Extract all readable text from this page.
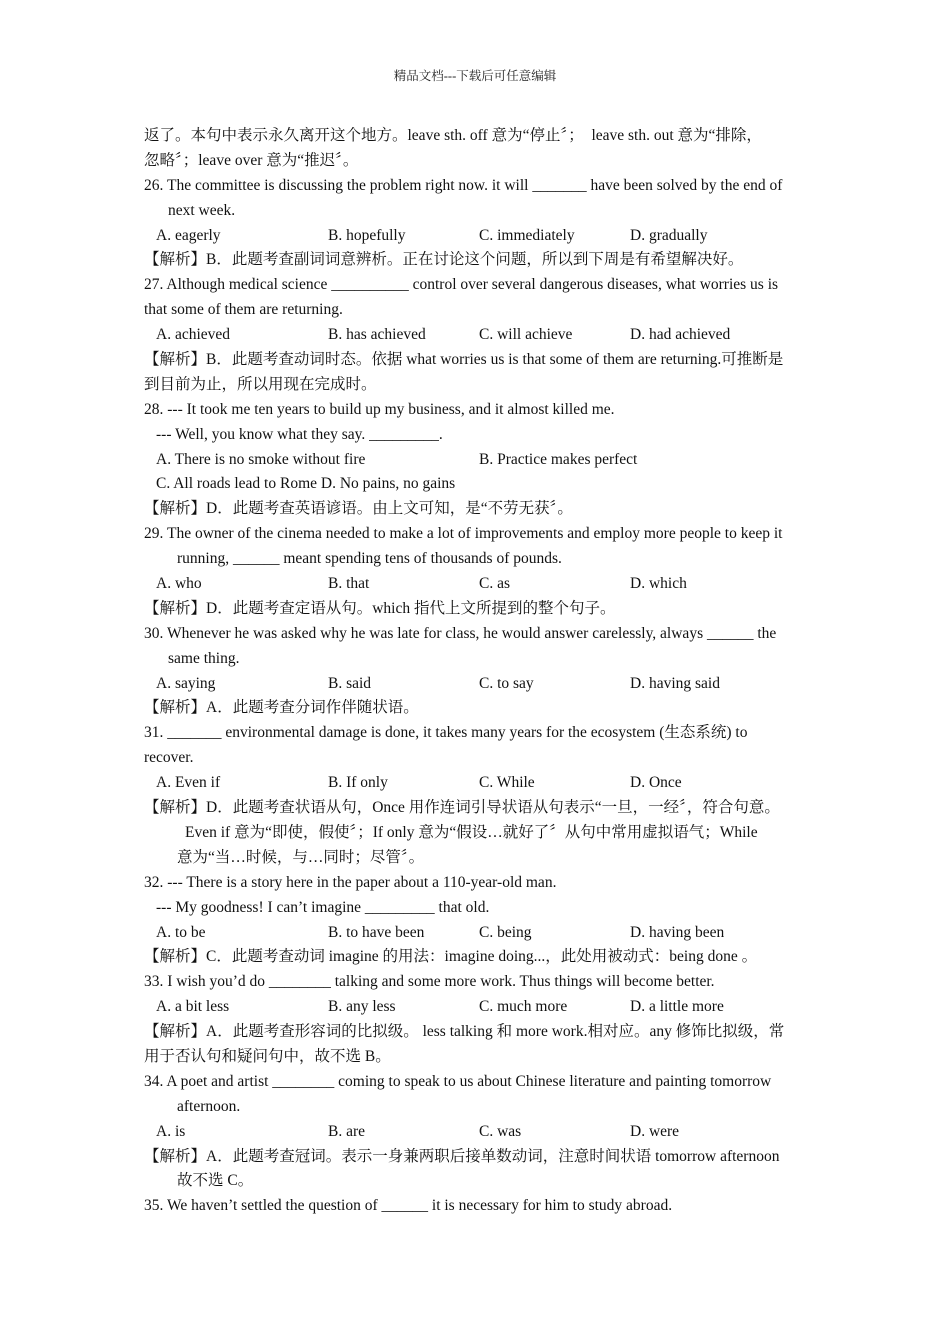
精品文档---下载后可任意编辑
返了。本句中表示永久离开这个地方。leave sth. off 意为“停止〞；　leave sth. out 意为“排除，
忽略〞；leave over 意为“推迟〞。
26. The committee is discussing the problem right now. it will _______ have been solved by the end of
next week.
A. eagerly	B. hopefully	C. immediately	D. gradually
【解析】B．此题考查副词词意辨析。正在讨论这个问题，所以到下周是有希望解决好。
27. Although medical science __________ control over several dangerous diseases, what worries us is
that some of them are returning.
A. achieved	B. has achieved	C. will achieve	D. had achieved
【解析】B．此题考查动词时态。依据 what worries us is that some of them are returning.可推断是
到目前为止，所以用现在完成时。
28. --- It took me ten years to build up my business, and it almost killed me.
--- Well, you know what they say. _________.
A. There is no smoke without fire	B. Practice makes perfect
C. All roads lead to Rome D. No pains, no gains
【解析】D．此题考查英语谚语。由上文可知，是“不劳无获〞。
29. The owner of the cinema needed to make a lot of improvements and employ more people to keep it
running, ______ meant spending tens of thousands of pounds.
A. who	B. that	C. as	D. which
【解析】D．此题考查定语从句。which 指代上文所提到的整个句子。
30. Whenever he was asked why he was late for class, he would answer carelessly, always ______ the
same thing.
A. saying	B. said	C. to say	D. having said
【解析】A．此题考查分词作伴随状语。
31. _______ environmental damage is done, it takes many years for the ecosystem (生态系统) to
recover.
A. Even if	B. If only	C. While	D. Once
【解析】D．此题考查状语从句，Once 用作连词引导状语从句表示“一旦，一经〞，符合句意。
Even if 意为“即使，假使〞；If only 意为“假设…就好了〞从句中常用虚拟语气；While
意为“当…时候，与…同时；尽管〞。
32. --- There is a story here in the paper about a 110-year-old man.
--- My goodness! I can’t imagine _________ that old.
A. to be	B. to have been	C. being	D. having been
【解析】C．此题考查动词 imagine 的用法：imagine doing...，此处用被动式：being done 。
33. I wish you’d do ________ talking and some more work. Thus things will become better.
A. a bit less	B. any less	C. much more	D. a little more
【解析】A．此题考查形容词的比拟级。 less talking 和 more work.相对应。any 修饰比拟级，常
用于否认句和疑问句中，故不选 B。
34. A poet and artist ________ coming to speak to us about Chinese literature and painting tomorrow
afternoon.
A. is	B. are	C. was	D. were
【解析】A．此题考查冠词。表示一身兼两职后接单数动词，注意时间状语 tomorrow afternoon
故不选 C。
35. We haven’t settled the question of ______ it is necessary for him to study abroad.
